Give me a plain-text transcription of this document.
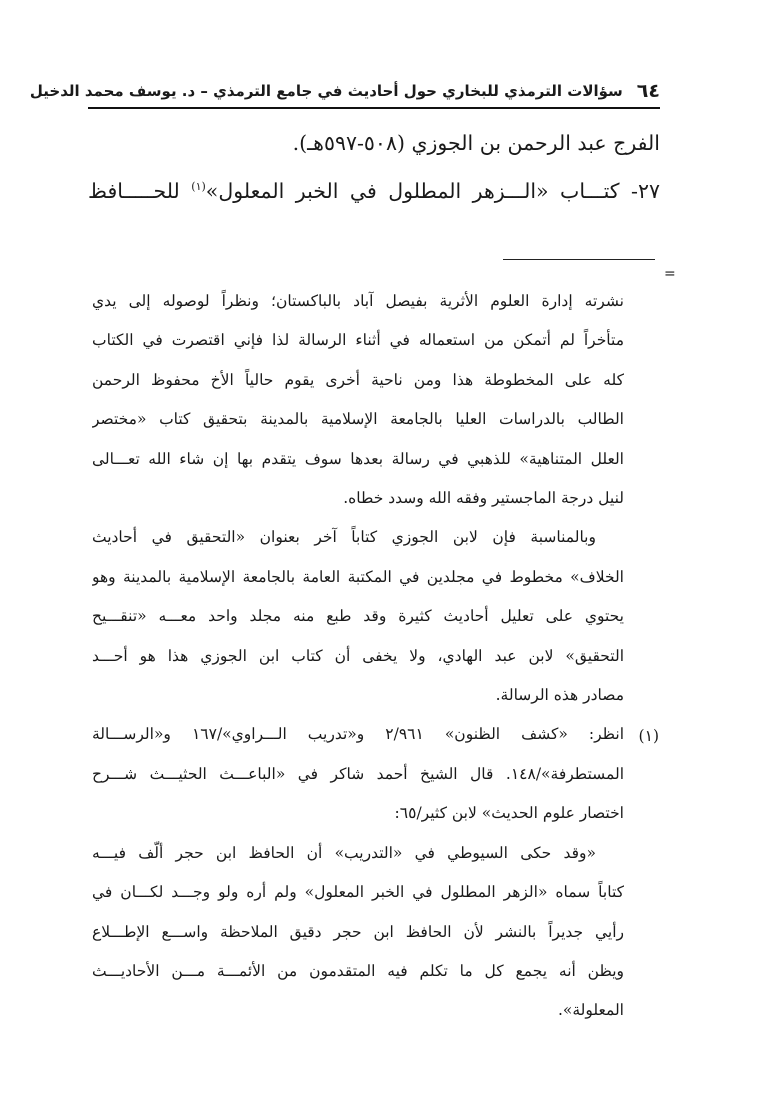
٦٤
سؤالات الترمذي للبخاري حول أحاديث في جامع الترمذي – د. يوسف محمد الدخيل

الفرج عبد الرحمن بن الجوزي (٥٠٨-٥٩٧هـ).

٢٧- كتـــاب «الـــزهر المطلول في الخبر المعلول»$^{(١)}$ للحـــــافظ

=

نشرته إدارة العلوم الأثرية بفيصل آباد بالباكستان؛ ونظراً لوصوله إلى يدي
متأخراً لم أتمكن من استعماله في أثناء الرسالة لذا فإني اقتصرت في الكتاب
كله على المخطوطة هذا ومن ناحية أخرى يقوم حالياً الأخ محفوظ الرحمن
الطالب بالدراسات العليا بالجامعة الإسلامية بالمدينة بتحقيق كتاب «مختصر
العلل المتناهية» للذهبي في رسالة بعدها سوف يتقدم بها إن شاء الله تعـــالى
لنيل درجة الماجستير وفقه الله وسدد خطاه.

وبالمناسبة فإن لابن الجوزي كتاباً آخر بعنوان «التحقيق في أحاديث
الخلاف» مخطوط في مجلدين في المكتبة العامة بالجامعة الإسلامية بالمدينة وهو
يحتوي على تعليل أحاديث كثيرة وقد طبع منه مجلد واحد معـــه «تنقـــيح
التحقيق» لابن عبد الهادي، ولا يخفى أن كتاب ابن الجوزي هذا هو أحـــد
مصادر هذه الرسالة.

انظر: «كشف الظنون» ٢/٩٦١ و«تدريب الـــراوي»/١٦٧ و«الرســـالة
المستطرفة»/١٤٨. قال الشيخ أحمد شاكر في «الباعـــث الحثيـــث شـــرح
اختصار علوم الحديث» لابن كثير/٦٥:

«وقد حكى السيوطي في «التدريب» أن الحافظ ابن حجر ألّف فيـــه
كتاباً سماه «الزهر المطلول في الخبر المعلول» ولم أره ولو وجـــد لكـــان في
رأيي جديراً بالنشر لأن الحافظ ابن حجر دقيق الملاحظة واســـع الإطـــلاع
ويظن أنه يجمع كل ما تكلم فيه المتقدمون من الأئمـــة مـــن الأحاديـــث
المعلولة».

(١)
